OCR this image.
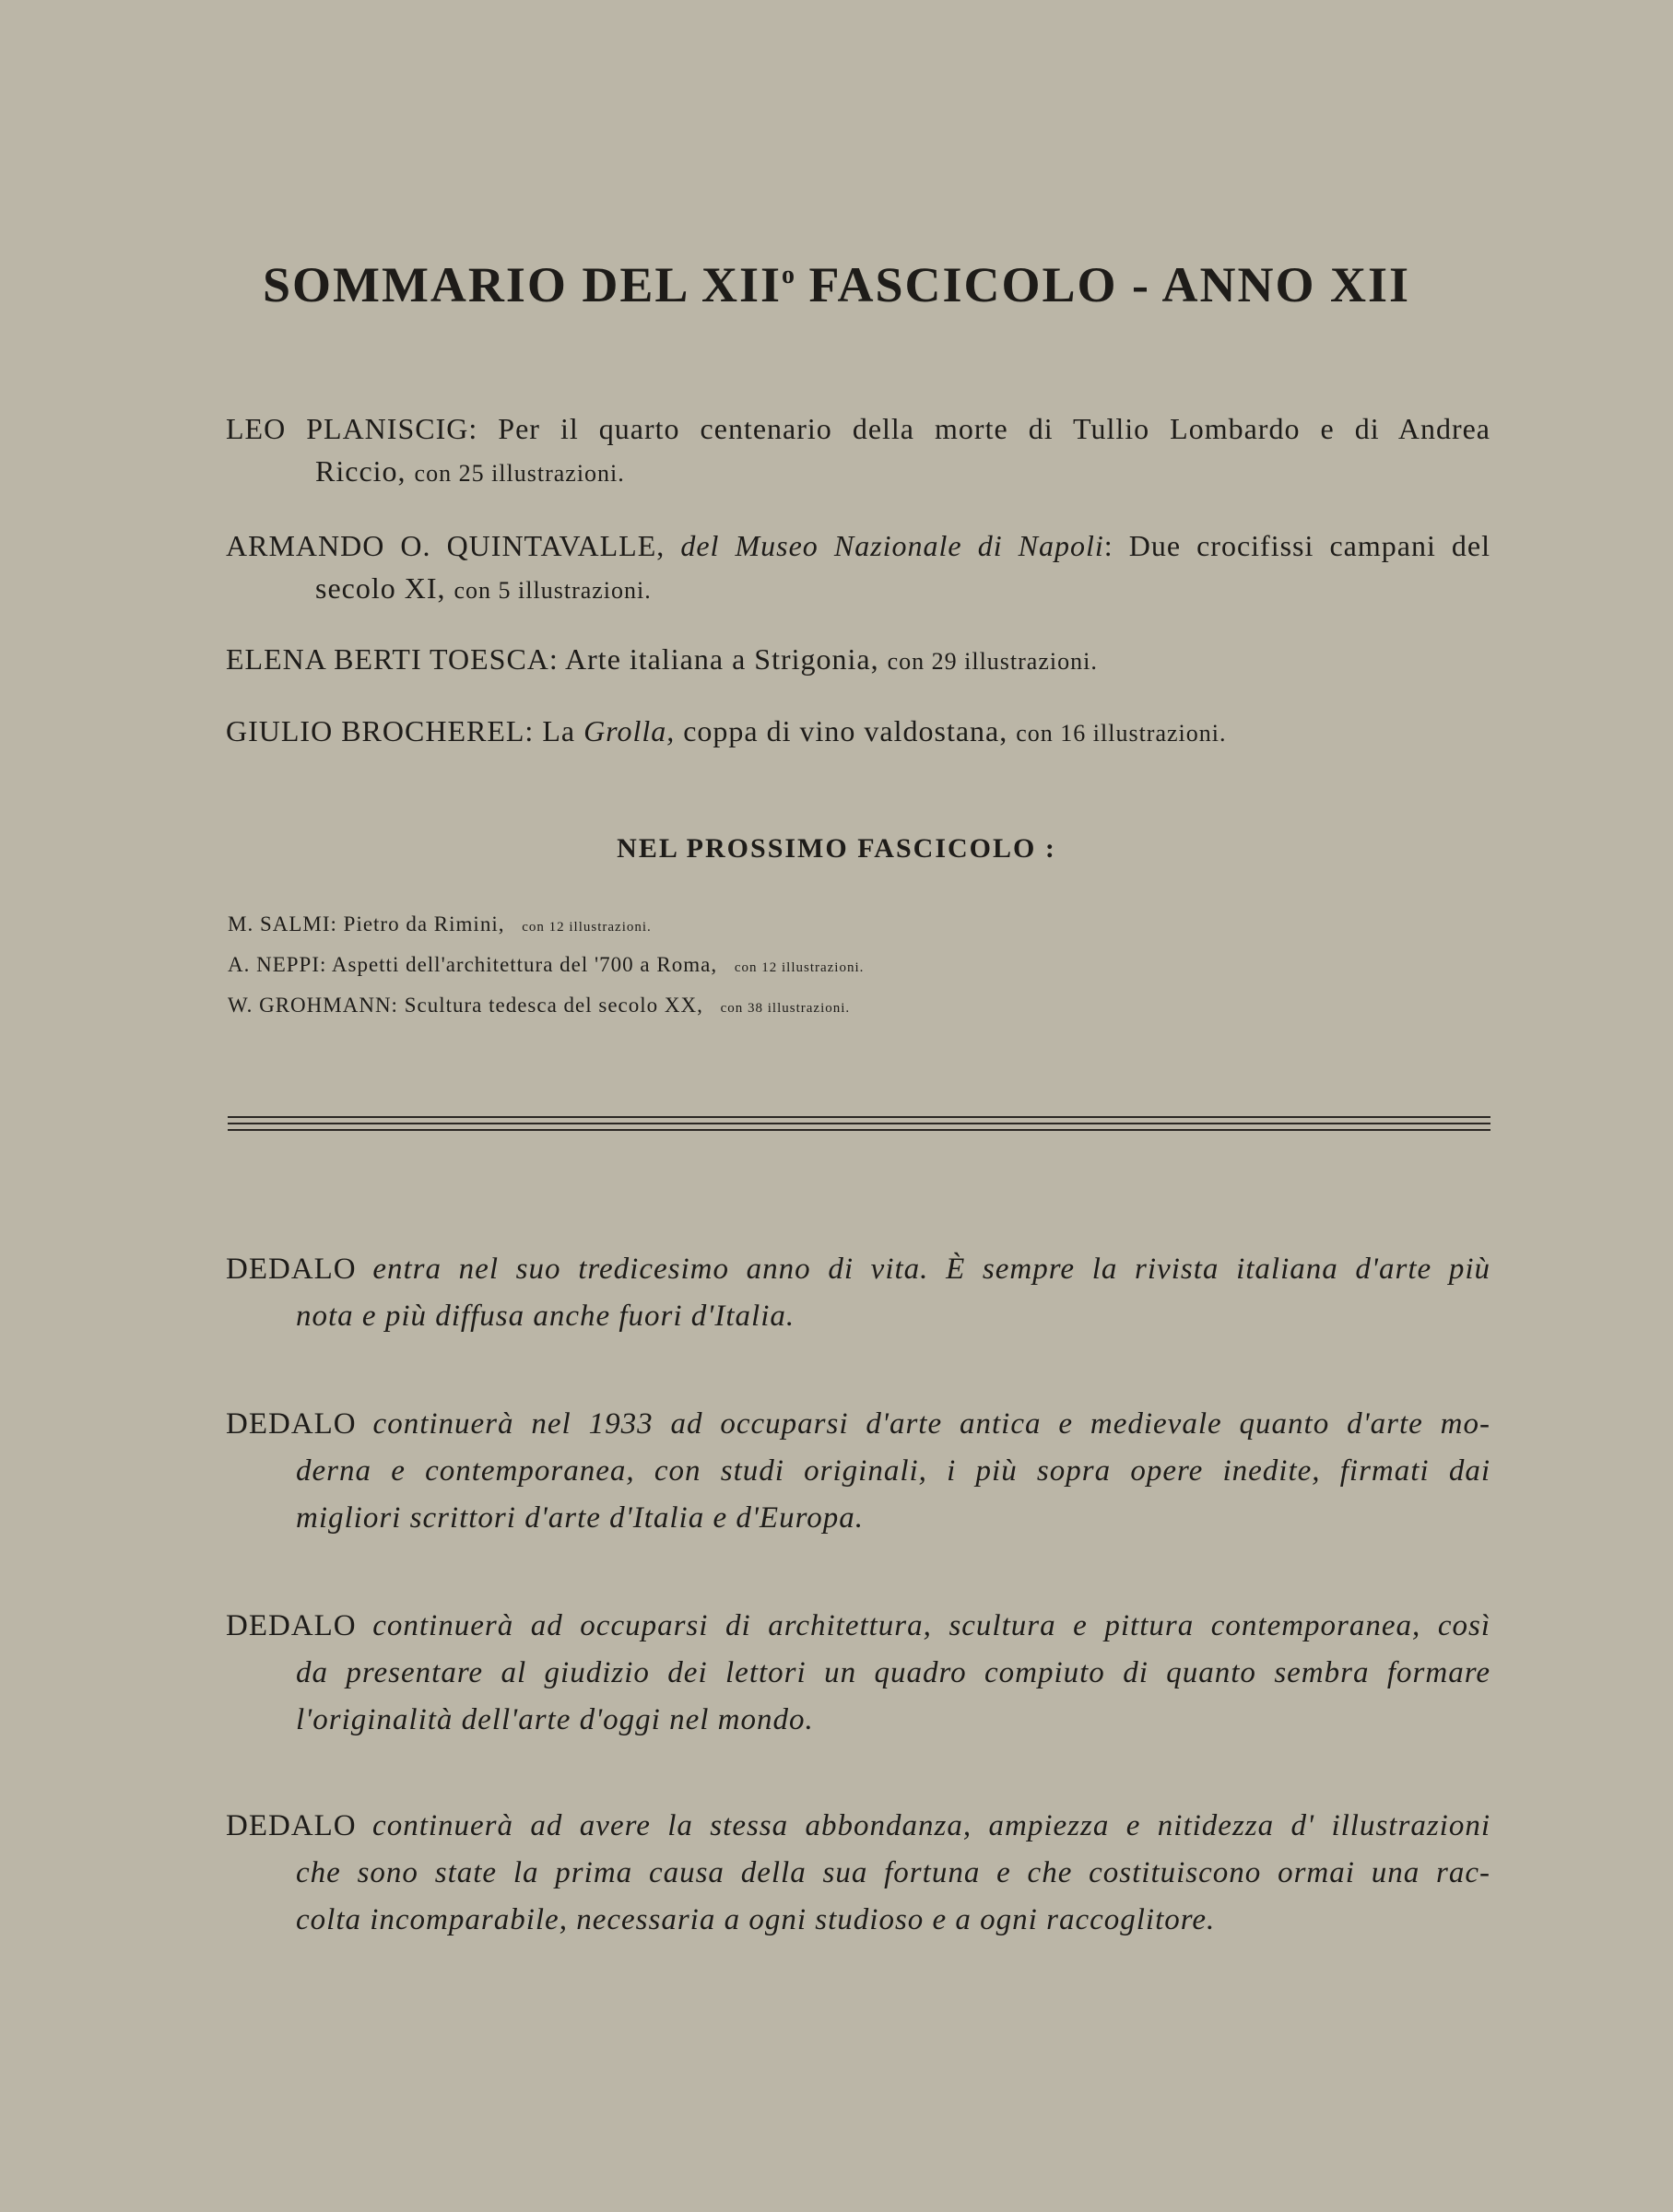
SOMMARIO DEL XII$^o$ FASCICOLO - ANNO XII
LEO PLANISCIG: Per il quarto centenario della morte di Tullio Lombardo e di Andrea
Riccio, con 25 illustrazioni.
ARMANDO O. QUINTAVALLE, del Museo Nazionale di Napoli: Due crocifissi campani del
secolo XI, con 5 illustrazioni.
ELENA BERTI TOESCA: Arte italiana a Strigonia, con 29 illustrazioni.
GIULIO BROCHEREL: La Grolla, coppa di vino valdostana, con 16 illustrazioni.
NEL PROSSIMO FASCICOLO :
M. SALMI: Pietro da Rimini, con 12 illustrazioni.
A. NEPPI: Aspetti dell'architettura del '700 a Roma, con 12 illustrazioni.
W. GROHMANN: Scultura tedesca del secolo XX, con 38 illustrazioni.
DEDALO entra nel suo tredicesimo anno di vita. È sempre la rivista italiana d'arte più
nota e più diffusa anche fuori d'Italia.
DEDALO continuerà nel 1933 ad occuparsi d'arte antica e medievale quanto d'arte mo-
derna e contemporanea, con studi originali, i più sopra opere inedite, firmati dai
migliori scrittori d'arte d'Italia e d'Europa.
DEDALO continuerà ad occuparsi di architettura, scultura e pittura contemporanea, così
da presentare al giudizio dei lettori un quadro compiuto di quanto sembra formare
l'originalità dell'arte d'oggi nel mondo.
DEDALO continuerà ad avere la stessa abbondanza, ampiezza e nitidezza d' illustrazioni
che sono state la prima causa della sua fortuna e che costituiscono ormai una rac-
colta incomparabile, necessaria a ogni studioso e a ogni raccoglitore.
